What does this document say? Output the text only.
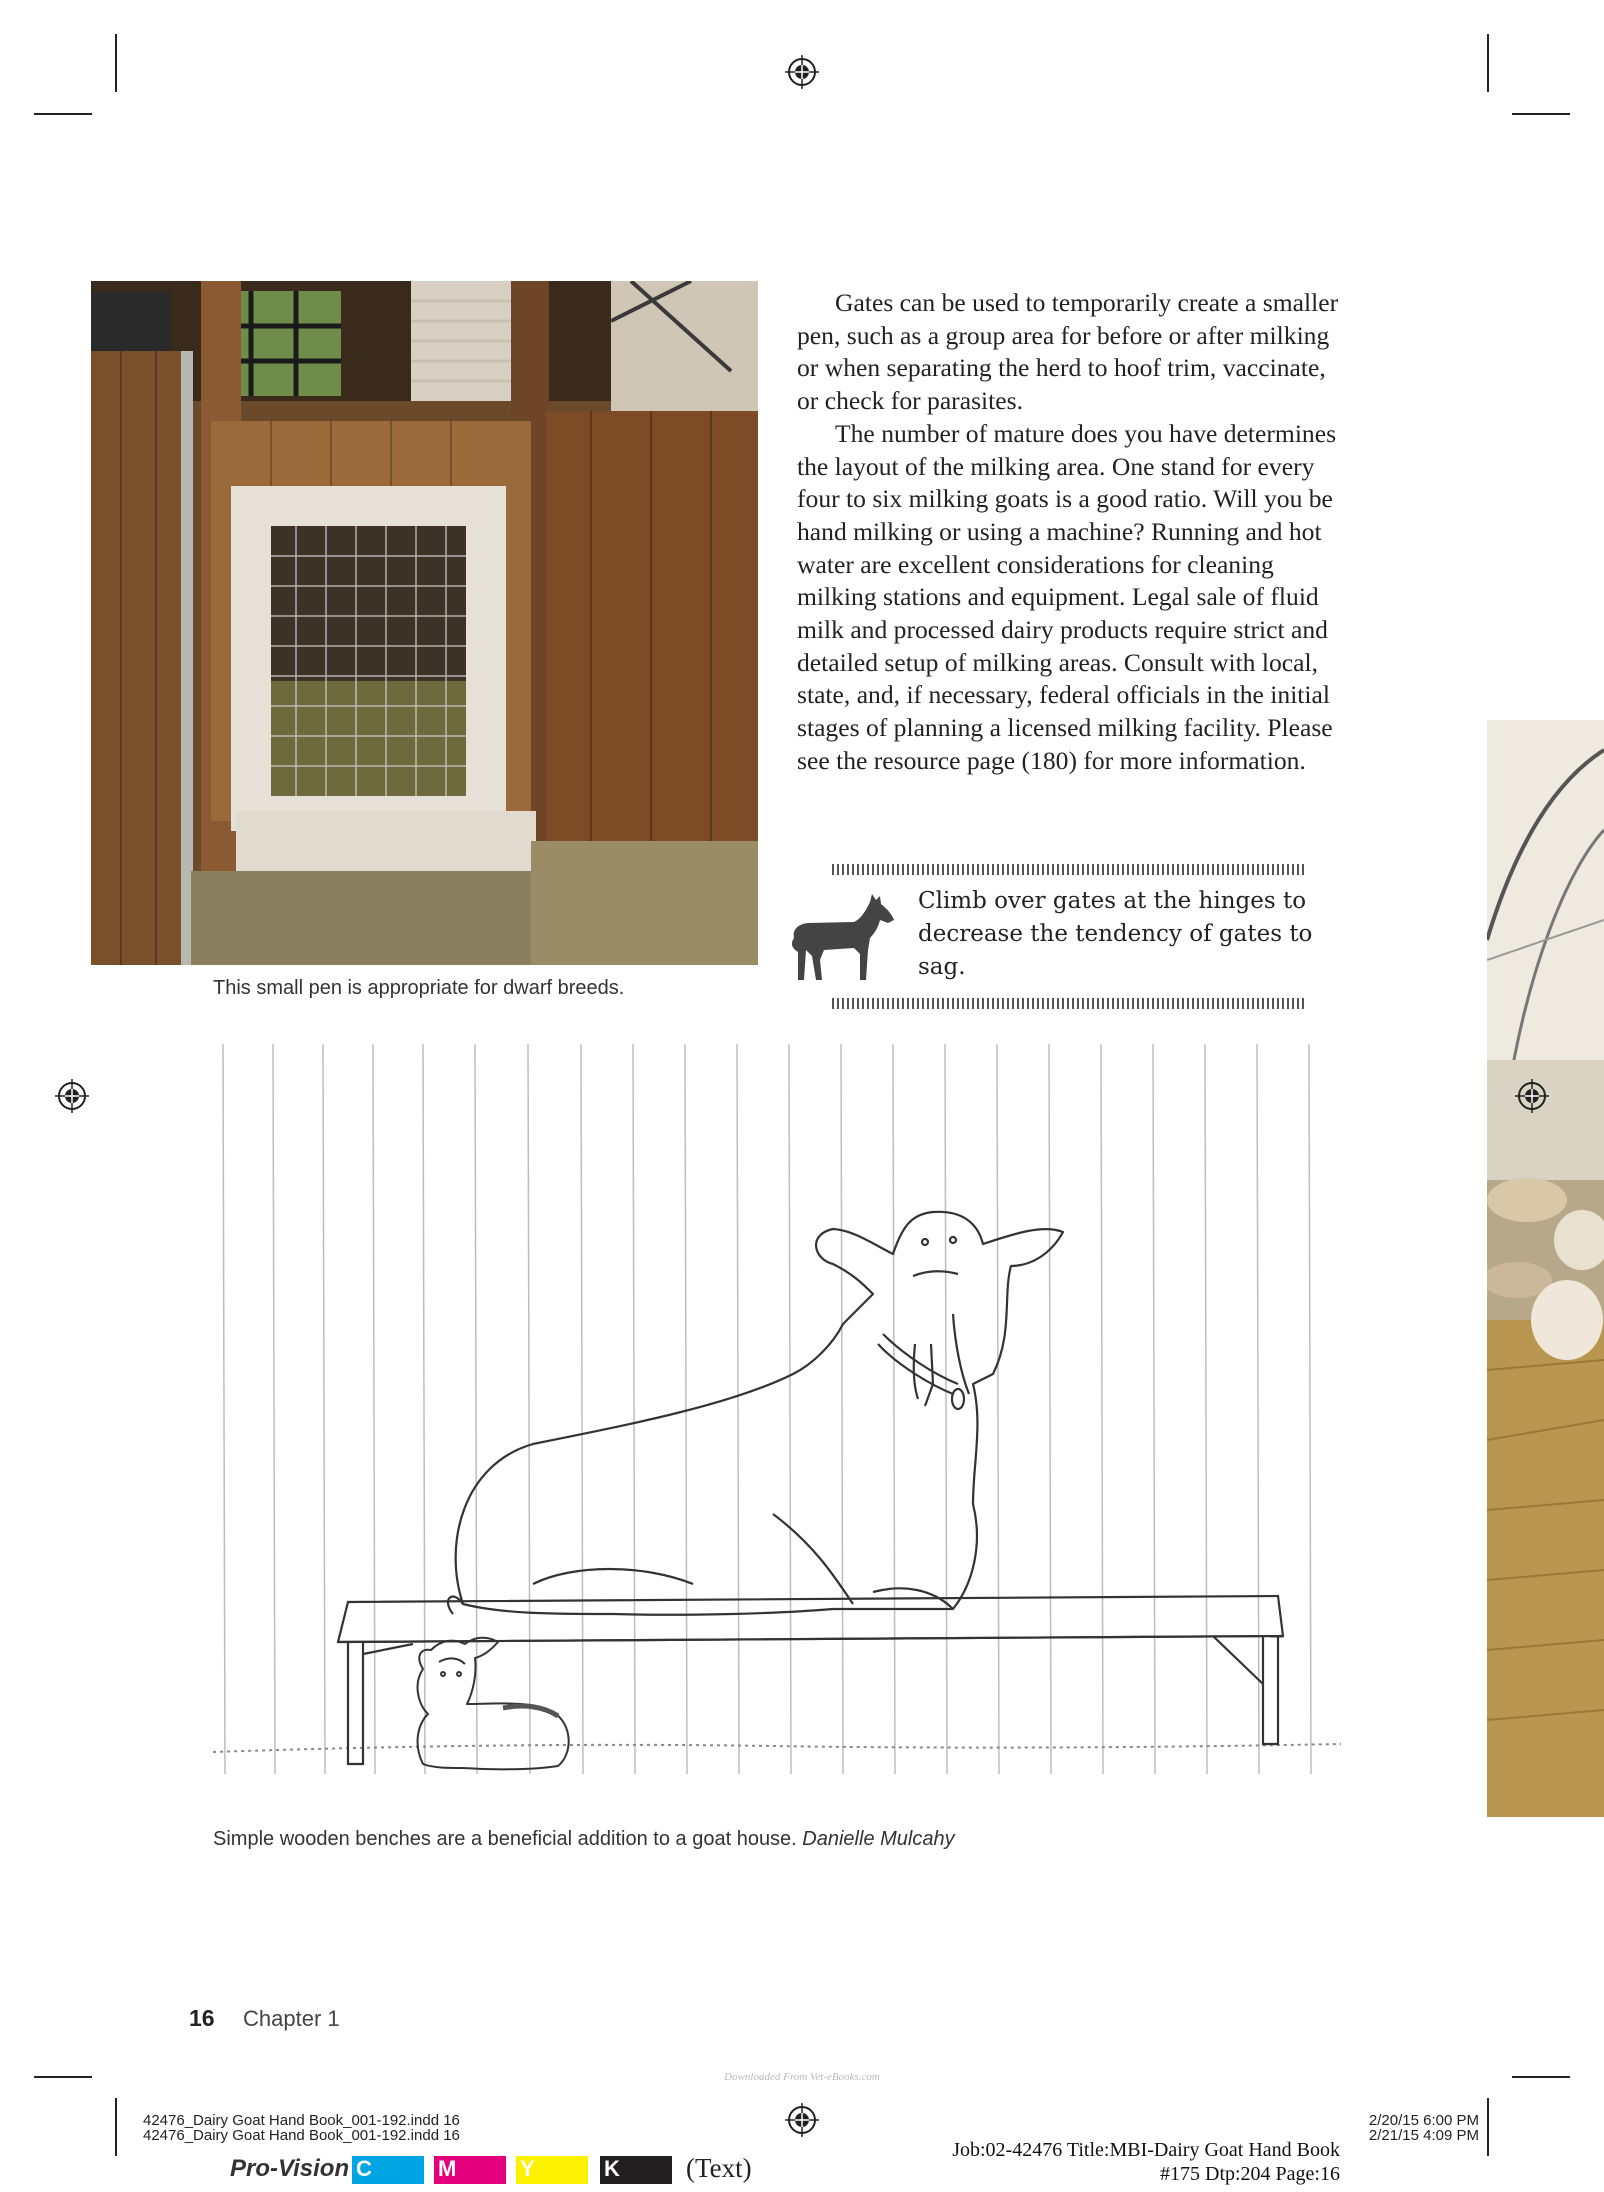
This small pen is appropriate for dwarf breeds.

Gates can be used to temporarily create a smaller pen, such as a group area for before or after milking or when separating the herd to hoof trim, vaccinate, or check for parasites.

The number of mature does you have determines the layout of the milking area. One stand for every four to six milking goats is a good ratio. Will you be hand milking or using a machine? Running and hot water are excellent considerations for cleaning milking stations and equipment. Legal sale of fluid milk and processed dairy products require strict and detailed setup of milking areas. Consult with local, state, and, if necessary, federal officials in the initial stages of planning a licensed milking facility. Please see the resource page (180) for more information.

Climb over gates at the hinges to decrease the tendency of gates to sag.
Simple wooden benches are a beneficial addition to a goat house. Danielle Mulcahy
16 Chapter 1
Downloaded From Vet-eBooks.com
42476_Dairy Goat Hand Book_001-192.indd 16
42476_Dairy Goat Hand Book_001-192.indd 16
2/20/15 6:00 PM
2/21/15 4:09 PM
Job:02-42476 Title:MBI-Dairy Goat Hand Book
#175 Dtp:204 Page:16
Pro-Vision C	M	Y	K (Text)
